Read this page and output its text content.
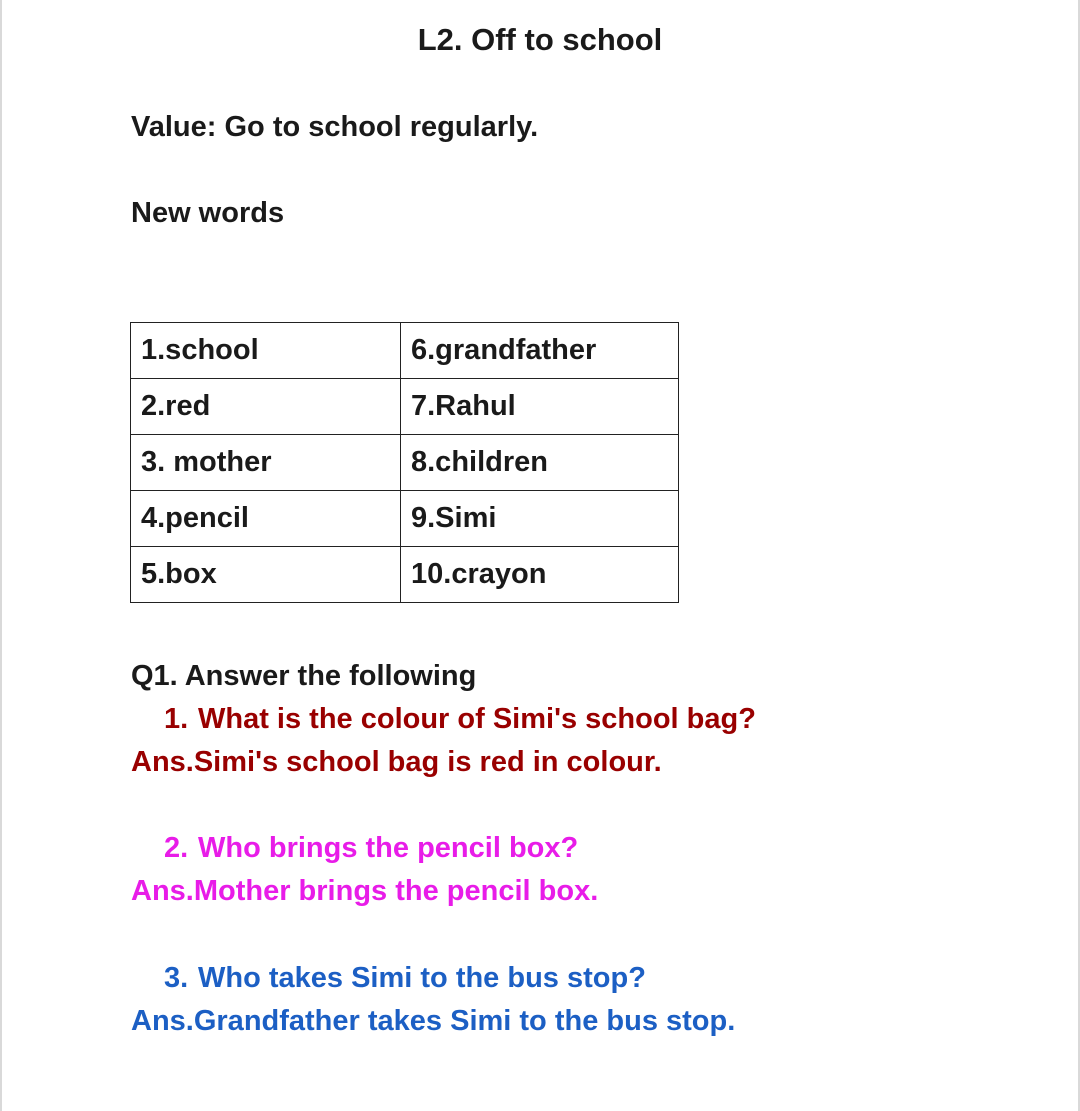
L2. Off to school
Value: Go to school regularly.
New words
1.school	6.grandfather
2.red	7.Rahul
3. mother	8.children
4.pencil	9.Simi
5.box	10.crayon
Q1. Answer the following
1. What is the colour of Simi's school bag?
Ans.Simi's school bag is red in colour.
2. Who brings the pencil box?
Ans.Mother brings the pencil box.
3. Who takes Simi to the bus stop?
Ans.Grandfather takes Simi to the bus stop.
